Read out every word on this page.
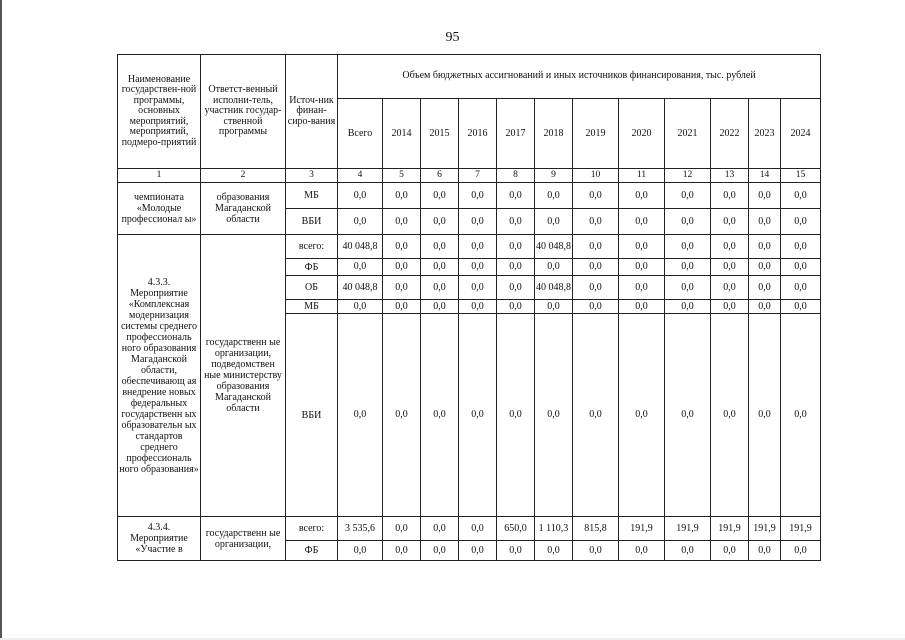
95
Наименование государствен-ной программы, основных мероприятий, мероприятий, подмеро-приятий	Ответст-венный исполни-тель, участник государ-ственной программы	Источ-ник финан-сиро-вания	Объем бюджетных ассигнований и иных источников финансирования, тыс. рублей											
			Всего	2014	2015	2016	2017	2018	2019	2020	2021	2022	2023	2024
1	2	3	4	5	6	7	8	9	10	11	12	13	14	15
чемпионата «Молодые профессионал ы»	образования Магаданской области	МБ	0,0	0,0	0,0	0,0	0,0	0,0	0,0	0,0	0,0	0,0	0,0	0,0
		ВБИ	0,0	0,0	0,0	0,0	0,0	0,0	0,0	0,0	0,0	0,0	0,0	0,0
4.3.3. Мероприятие «Комплексная модернизация системы среднего профессиональ ного образования Магаданской области, обеспечивающ ая внедрение новых федеральных государственн ых образовательн ых стандартов среднего профессиональ ного образования»	государственн ые организации, подведомствен ные министерству образования Магаданской области	всего:	40 048,8	0,0	0,0	0,0	0,0	40 048,8	0,0	0,0	0,0	0,0	0,0	0,0
		ФБ	0,0	0,0	0,0	0,0	0,0	0,0	0,0	0,0	0,0	0,0	0,0	0,0
		ОБ	40 048,8	0,0	0,0	0,0	0,0	40 048,8	0,0	0,0	0,0	0,0	0,0	0,0
		МБ	0,0	0,0	0,0	0,0	0,0	0,0	0,0	0,0	0,0	0,0	0,0	0,0
		ВБИ	0,0	0,0	0,0	0,0	0,0	0,0	0,0	0,0	0,0	0,0	0,0	0,0
4.3.4. Мероприятие «Участие в	государственн ые организации,	всего:	3 535,6	0,0	0,0	0,0	650,0	1 110,3	815,8	191,9	191,9	191,9	191,9	191,9
		ФБ	0,0	0,0	0,0	0,0	0,0	0,0	0,0	0,0	0,0	0,0	0,0	0,0
